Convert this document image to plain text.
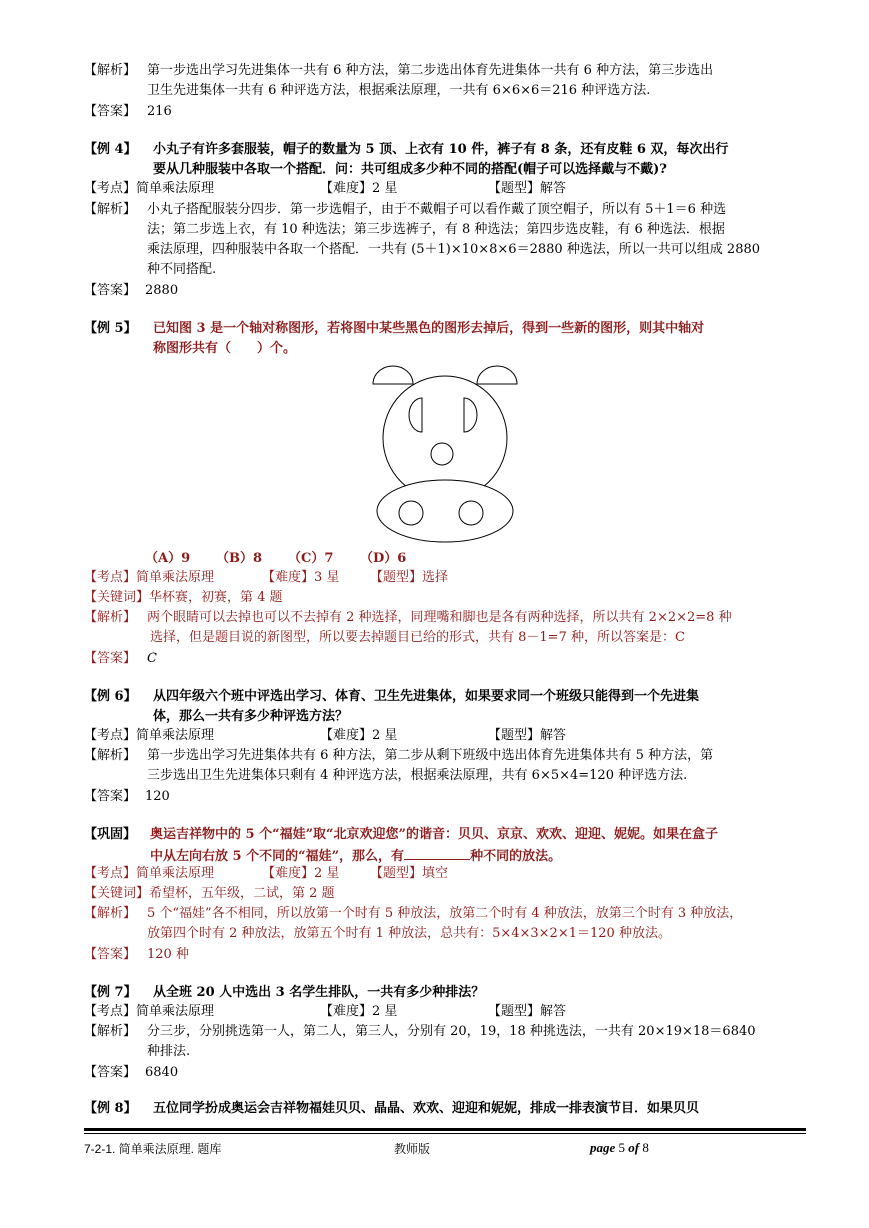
【解析】 第一步选出学习先进集体一共有 6 种方法，第二步选出体育先进集体一共有 6 种方法，第三步选出
卫生先进集体一共有 6 种评选方法，根据乘法原理，一共有 6×6×6＝216 种评选方法.
【答案】 216
【例 4】 小丸子有许多套服装，帽子的数量为 5 顶、上衣有 10 件，裤子有 8 条，还有皮鞋 6 双，每次出行
要从几种服装中各取一个搭配．问：共可组成多少种不同的搭配(帽子可以选择戴与不戴)?
【考点】简单乘法原理	【难度】2 星	【题型】解答
【解析】 小丸子搭配服装分四步．第一步选帽子，由于不戴帽子可以看作戴了顶空帽子，所以有 5＋1＝6 种选
法；第二步选上衣，有 10 种选法；第三步选裤子，有 8 种选法；第四步选皮鞋，有 6 种选法．根据
乘法原理，四种服装中各取一个搭配．一共有 (5＋1)×10×8×6＝2880 种选法，所以一共可以组成 2880
种不同搭配.
【答案】 2880
【例 5】 已知图 3 是一个轴对称图形，若将图中某些黑色的图形去掉后，得到一些新的图形，则其中轴对
称图形共有（　　）个。
（A）9 （B）8 （C）7 （D）6
【考点】简单乘法原理	【难度】3 星 【题型】选择
【关键词】华杯赛，初赛，第 4 题
【解析】 两个眼睛可以去掉也可以不去掉有 2 种选择，同理嘴和脚也是各有两种选择，所以共有 2×2×2=8 种
选择，但是题目说的新图型，所以要去掉题目已给的形式，共有 8－1=7 种，所以答案是：C
【答案】 C
【例 6】 从四年级六个班中评选出学习、体育、卫生先进集体，如果要求同一个班级只能得到一个先进集
体，那么一共有多少种评选方法？
【考点】简单乘法原理	【难度】2 星	【题型】解答
【解析】 第一步选出学习先进集体共有 6 种方法，第二步从剩下班级中选出体育先进集体共有 5 种方法，第
三步选出卫生先进集体只剩有 4 种评选方法，根据乘法原理，共有 6×5×4=120 种评选方法.
【答案】 120
【巩固】 奥运吉祥物中的 5 个“福娃”取“北京欢迎您”的谐音：贝贝、京京、欢欢、迎迎、妮妮。如果在盒子
中从左向右放 5 个不同的“福娃”，那么，有	种不同的放法。
【考点】简单乘法原理	【难度】2 星 【题型】填空
【关键词】希望杯，五年级，二试，第 2 题
【解析】 5 个“福娃”各不相同，所以放第一个时有 5 种放法，放第二个时有 4 种放法，放第三个时有 3 种放法，
放第四个时有 2 种放法，放第五个时有 1 种放法，总共有：5×4×3×2×1＝120 种放法。
【答案】 120 种
【例 7】 从全班 20 人中选出 3 名学生排队，一共有多少种排法？
【考点】简单乘法原理	【难度】2 星	【题型】解答
【解析】 分三步，分别挑选第一人，第二人，第三人，分别有 20，19，18 种挑选法，一共有 20×19×18＝6840
种排法.
【答案】 6840
【例 8】 五位同学扮成奥运会吉祥物福娃贝贝、晶晶、欢欢、迎迎和妮妮，排成一排表演节目．如果贝贝
7-2-1. 简单乘法原理. 题库	教师版	page 5 of 8
